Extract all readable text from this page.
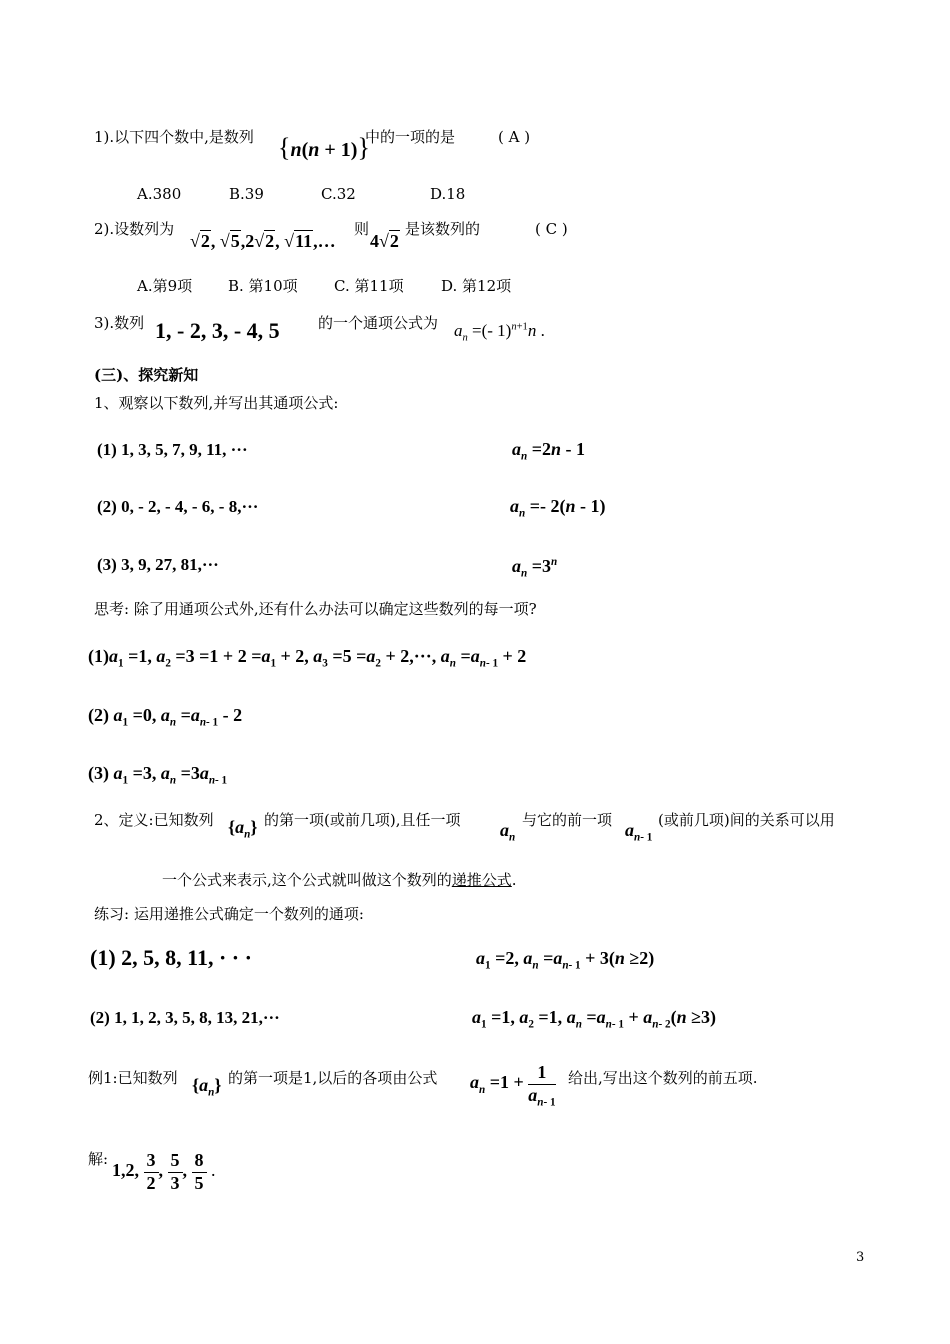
1).以下四个数中,是数列 {n(n + 1)}
中的一项的是	( A )
A.380	B.39	C.32	D.18
2).设数列为
√2, √5,2√2, √11,…
则
4√2
是该数列的	( C )
A.第9项 B. 第10项 C. 第11项 D. 第12项
3).数列 1, - 2, 3, - 4, 5	的一个通项公式为 $a_n$ =(- 1)$^{n+1}$n .
(三)、探究新知
1、观察以下数列,并写出其通项公式:
(1) 1, 3, 5, 7, 9, 11, ···	$a_n =2n - 1$
(2) 0, - 2, - 4, - 6, - 8,···	$a_n =- 2(n - 1)$
(3) 3, 9, 27, 81,···	$a_n =3^n$
思考: 除了用通项公式外,还有什么办法可以确定这些数列的每一项?
$(1)a_1 =1$, $a_2 =3 =1 + 2 =a_1 + 2$, $a_3 =5 =a_2 + 2,\cdot\cdot\cdot$, $a_n =a_{n- 1} + 2$
(2) $a_1 =0$, $a_n =a_{n- 1} - 2$
(3) $a_1 =3$, $a_n =3a_{n- 1}$
2、定义:已知数列 $\{a_n\}$ 的第一项(或前几项),且任一项 $a_n$
与它的前一项 $a_{n- 1}$
(或前几项)间的关系可以用
一个公式来表示,这个公式就叫做这个数列的递推公式.
练习: 运用递推公式确定一个数列的通项:
(1) 2, 5, 8, 11, · · ·	$a_1 =2$, $a_n =a_{n- 1} + 3(n \ge 2)$
(2) 1, 1, 2, 3, 5, 8, 13, 21,···	$a_1 =1$, $a_2 =1$, $a_n =a_{n- 1} + a_{n- 2}(n \ge 3)$
例1:已知数列 $\{a_n\}$ 的第一项是1,以后的各项由公式 $a_n =1 + \frac{1}{a_{n- 1}}$ 给出,写出这个数列的前五项.
解:
1,2, $\frac{3}{2}$ , $\frac{5}{3}$ , $\frac{8}{5}$ .
3
